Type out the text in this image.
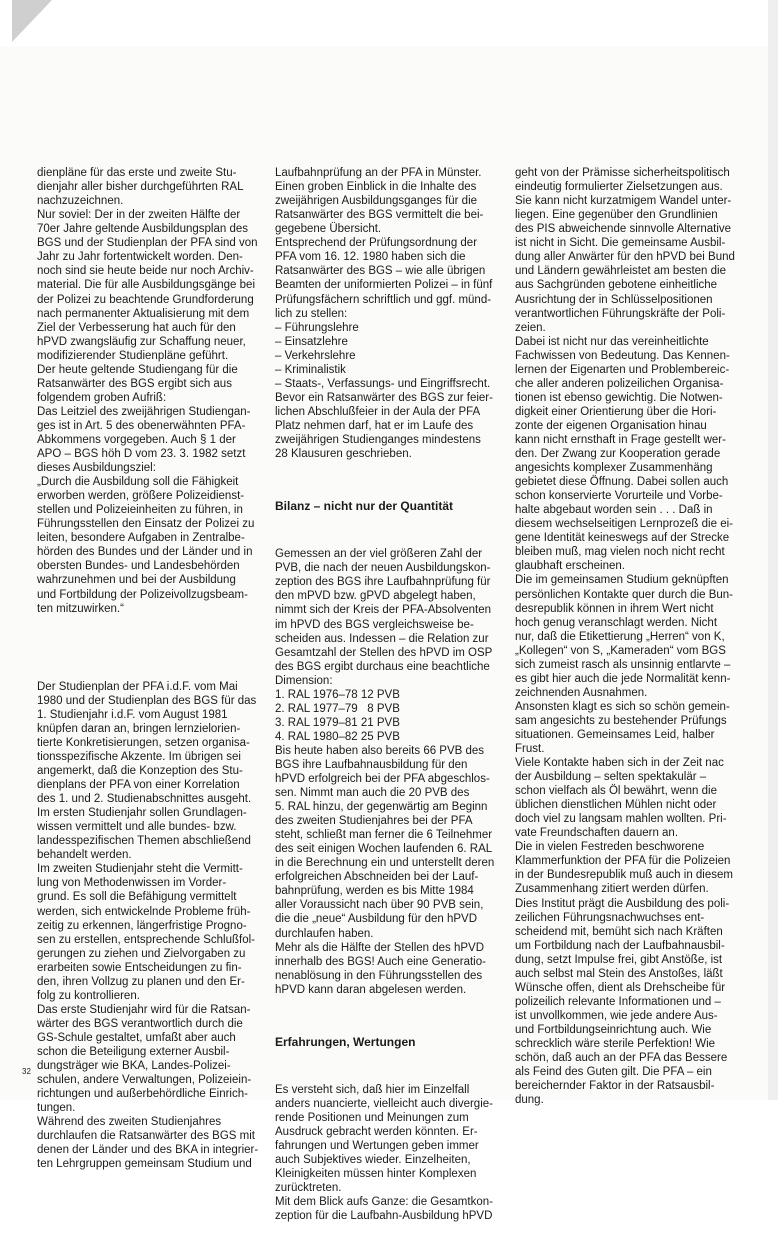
dienpläne für das erste und zweite Stu-
dienjahr aller bisher durchgeführten RAL
nachzuzeichnen.
Nur soviel: Der in der zweiten Hälfte der
70er Jahre geltende Ausbildungsplan des
BGS und der Studienplan der PFA sind von
Jahr zu Jahr fortentwickelt worden. Den-
noch sind sie heute beide nur noch Archiv-
material. Die für alle Ausbildungsgänge bei
der Polizei zu beachtende Grundforderung
nach permanenter Aktualisierung mit dem
Ziel der Verbesserung hat auch für den
hPVD zwangsläufig zur Schaffung neuer,
modifizierender Studienpläne geführt.
Der heute geltende Studiengang für die
Ratsanwärter des BGS ergibt sich aus
folgendem groben Aufriß:
Das Leitziel des zweijährigen Studiengan-
ges ist in Art. 5 des obenerwähnten PFA-
Abkommens vorgegeben. Auch § 1 der
APO – BGS höh D vom 23. 3. 1982 setzt
dieses Ausbildungsziel:
„Durch die Ausbildung soll die Fähigkeit
erworben werden, größere Polizeidienst-
stellen und Polizeieinheiten zu führen, in
Führungsstellen den Einsatz der Polizei zu
leiten, besondere Aufgaben in Zentralbe-
hörden des Bundes und der Länder und in
obersten Bundes- und Landesbehörden
wahrzunehmen und bei der Ausbildung
und Fortbildung der Polizeivollzugsbeam-
ten mitzuwirken.“

Der Studienplan der PFA i.d.F. vom Mai
1980 und der Studienplan des BGS für das
1. Studienjahr i.d.F. vom August 1981
knüpfen daran an, bringen lernzielorien-
tierte Konkretisierungen, setzen organisa-
tionsspezifische Akzente. Im übrigen sei
angemerkt, daß die Konzeption des Stu-
dienplans der PFA von einer Korrelation
des 1. und 2. Studienabschnittes ausgeht.
Im ersten Studienjahr sollen Grundlagen-
wissen vermittelt und alle bundes- bzw.
landesspezifischen Themen abschließend
behandelt werden.
Im zweiten Studienjahr steht die Vermitt-
lung von Methodenwissen im Vorder-
grund. Es soll die Befähigung vermittelt
werden, sich entwickelnde Probleme früh-
zeitig zu erkennen, längerfristige Progno-
sen zu erstellen, entsprechende Schlußfol-
gerungen zu ziehen und Zielvorgaben zu
erarbeiten sowie Entscheidungen zu fin-
den, ihren Vollzug zu planen und den Er-
folg zu kontrollieren.
Das erste Studienjahr wird für die Ratsan-
wärter des BGS verantwortlich durch die
GS-Schule gestaltet, umfaßt aber auch
schon die Beteiligung externer Ausbil-
dungsträger wie BKA, Landes-Polizei-
schulen, andere Verwaltungen, Polizeiein-
richtungen und außerbehördliche Einrich-
tungen.
Während des zweiten Studienjahres
durchlaufen die Ratsanwärter des BGS mit
denen der Länder und des BKA in integrier-
ten Lehrgruppen gemeinsam Studium und

Laufbahnprüfung an der PFA in Münster.
Einen groben Einblick in die Inhalte des
zweijährigen Ausbildungsganges für die
Ratsanwärter des BGS vermittelt die bei-
gegebene Übersicht.
Entsprechend der Prüfungsordnung der
PFA vom 16. 12. 1980 haben sich die
Ratsanwärter des BGS – wie alle übrigen
Beamten der uniformierten Polizei – in fünf
Prüfungsfächern schriftlich und ggf. münd-
lich zu stellen:
– Führungslehre
– Einsatzlehre
– Verkehrslehre
– Kriminalistik
– Staats-, Verfassungs- und Eingriffsrecht.
Bevor ein Ratsanwärter des BGS zur feier-
lichen Abschlußfeier in der Aula der PFA
Platz nehmen darf, hat er im Laufe des
zweijährigen Studienganges mindestens
28 Klausuren geschrieben.

Bilanz – nicht nur der Quantität

Gemessen an der viel größeren Zahl der
PVB, die nach der neuen Ausbildungskon-
zeption des BGS ihre Laufbahnprüfung für
den mPVD bzw. gPVD abgelegt haben,
nimmt sich der Kreis der PFA-Absolventen
im hPVD des BGS vergleichsweise be-
scheiden aus. Indessen – die Relation zur
Gesamtzahl der Stellen des hPVD im OSP
des BGS ergibt durchaus eine beachtliche
Dimension:
1. RAL 1976–78 12 PVB
2. RAL 1977–79   8 PVB
3. RAL 1979–81 21 PVB
4. RAL 1980–82 25 PVB
Bis heute haben also bereits 66 PVB des
BGS ihre Laufbahnausbildung für den
hPVD erfolgreich bei der PFA abgeschlos-
sen. Nimmt man auch die 20 PVB des
5. RAL hinzu, der gegenwärtig am Beginn
des zweiten Studienjahres bei der PFA
steht, schließt man ferner die 6 Teilnehmer
des seit einigen Wochen laufenden 6. RAL
in die Berechnung ein und unterstellt deren
erfolgreichen Abschneiden bei der Lauf-
bahnprüfung, werden es bis Mitte 1984
aller Voraussicht nach über 90 PVB sein,
die die „neue“ Ausbildung für den hPVD
durchlaufen haben.
Mehr als die Hälfte der Stellen des hPVD
innerhalb des BGS! Auch eine Generatio-
nenablösung in den Führungsstellen des
hPVD kann daran abgelesen werden.

Erfahrungen, Wertungen

Es versteht sich, daß hier im Einzelfall
anders nuancierte, vielleicht auch divergie-
rende Positionen und Meinungen zum
Ausdruck gebracht werden könnten. Er-
fahrungen und Wertungen geben immer
auch Subjektives wieder. Einzelheiten,
Kleinigkeiten müssen hinter Komplexen
zurücktreten.
Mit dem Blick aufs Ganze: die Gesamtkon-
zeption für die Laufbahn-Ausbildung hPVD

geht von der Prämisse sicherheitspolitisch
eindeutig formulierter Zielsetzungen aus.
Sie kann nicht kurzatmigem Wandel unter-
liegen. Eine gegenüber den Grundlinien
des PIS abweichende sinnvolle Alternative
ist nicht in Sicht. Die gemeinsame Ausbil-
dung aller Anwärter für den hPVD bei Bund
und Ländern gewährleistet am besten die
aus Sachgründen gebotene einheitliche
Ausrichtung der in Schlüsselpositionen
verantwortlichen Führungskräfte der Poli-
zeien.
Dabei ist nicht nur das vereinheitlichte
Fachwissen von Bedeutung. Das Kennen-
lernen der Eigenarten und Problembereic-
che aller anderen polizeilichen Organisa-
tionen ist ebenso gewichtig. Die Notwen-
digkeit einer Orientierung über die Hori-
zonte der eigenen Organisation hinau
kann nicht ernsthaft in Frage gestellt wer-
den. Der Zwang zur Kooperation gerade
angesichts komplexer Zusammenhäng
gebietet diese Öffnung. Dabei sollen auch
schon konservierte Vorurteile und Vorbe-
halte abgebaut worden sein . . . Daß in
diesem wechselseitigen Lernprozeß die ei-
gene Identität keineswegs auf der Strecke
bleiben muß, mag vielen noch nicht recht
glaubhaft erscheinen.
Die im gemeinsamen Studium geknüpften
persönlichen Kontakte quer durch die Bun-
desrepublik können in ihrem Wert nicht
hoch genug veranschlagt werden. Nicht
nur, daß die Etikettierung „Herren“ von K,
„Kollegen“ von S, „Kameraden“ vom BGS
sich zumeist rasch als unsinnig entlarvte –
es gibt hier auch die jede Normalität kenn-
zeichnenden Ausnahmen.
Ansonsten klagt es sich so schön gemein-
sam angesichts zu bestehender Prüfungs
situationen. Gemeinsames Leid, halber
Frust.
Viele Kontakte haben sich in der Zeit nac
der Ausbildung – selten spektakulär –
schon vielfach als Öl bewährt, wenn die
üblichen dienstlichen Mühlen nicht oder
doch viel zu langsam mahlen wollten. Pri-
vate Freundschaften dauern an.
Die in vielen Festreden beschworene
Klammerfunktion der PFA für die Polizeien
in der Bundesrepublik muß auch in diesem
Zusammenhang zitiert werden dürfen.
Dies Institut prägt die Ausbildung des poli-
zeilichen Führungsnachwuchses ent-
scheidend mit, bemüht sich nach Kräften
um Fortbildung nach der Laufbahnausbil-
dung, setzt Impulse frei, gibt Anstöße, ist
auch selbst mal Stein des Anstoßes, läßt
Wünsche offen, dient als Drehscheibe für
polizeilich relevante Informationen und –
ist unvollkommen, wie jede andere Aus-
und Fortbildungseinrichtung auch. Wie
schrecklich wäre sterile Perfektion! Wie
schön, daß auch an der PFA das Bessere
als Feind des Guten gilt. Die PFA – ein
bereichernder Faktor in der Ratsausbil-
dung.

32
